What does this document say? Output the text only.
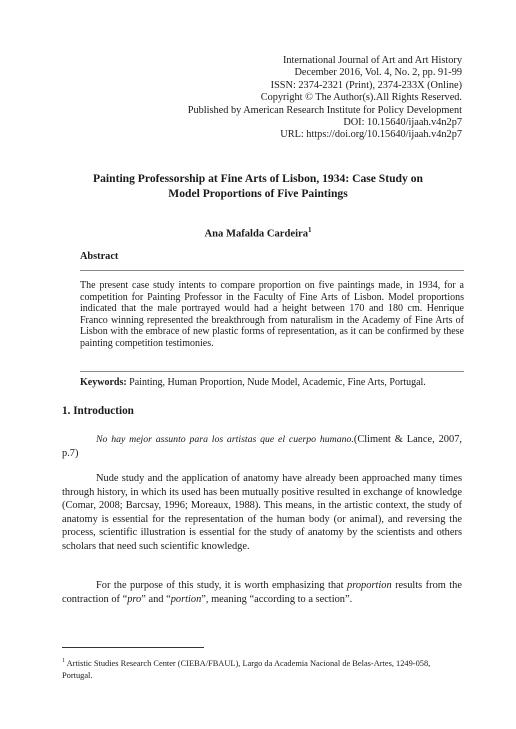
International Journal of Art and Art History
December 2016, Vol. 4, No. 2, pp. 91-99
ISSN: 2374-2321 (Print), 2374-233X (Online)
Copyright © The Author(s).All Rights Reserved.
Published by American Research Institute for Policy Development
DOI: 10.15640/ijaah.v4n2p7
URL: https://doi.org/10.15640/ijaah.v4n2p7
Painting Professorship at Fine Arts of Lisbon, 1934: Case Study on
Model Proportions of Five Paintings
Ana Mafalda Cardeira$^1$
Abstract
The present case study intents to compare proportion on five paintings made, in 1934, for a competition for Painting Professor in the Faculty of Fine Arts of Lisbon. Model proportions indicated that the male portrayed would had a height between 170 and 180 cm. Henrique Franco winning represented the breakthrough from naturalism in the Academy of Fine Arts of Lisbon with the embrace of new plastic forms of representation, as it can be confirmed by these painting competition testimonies.
Keywords: Painting, Human Proportion, Nude Model, Academic, Fine Arts, Portugal.
1. Introduction
No hay mejor assunto para los artistas que el cuerpo humano.(Climent & Lance, 2007, p.7)
Nude study and the application of anatomy have already been approached many times through history, in which its used has been mutually positive resulted in exchange of knowledge (Comar, 2008; Barcsay, 1996; Moreaux, 1988). This means, in the artistic context, the study of anatomy is essential for the representation of the human body (or animal), and reversing the process, scientific illustration is essential for the study of anatomy by the scientists and others scholars that need such scientific knowledge.
For the purpose of this study, it is worth emphasizing that proportion results from the contraction of “pro” and “portion”, meaning “according to a section”.
$^1$ Artistic Studies Research Center (CIEBA/FBAUL), Largo da Academia Nacional de Belas-Artes, 1249-058, Portugal.
